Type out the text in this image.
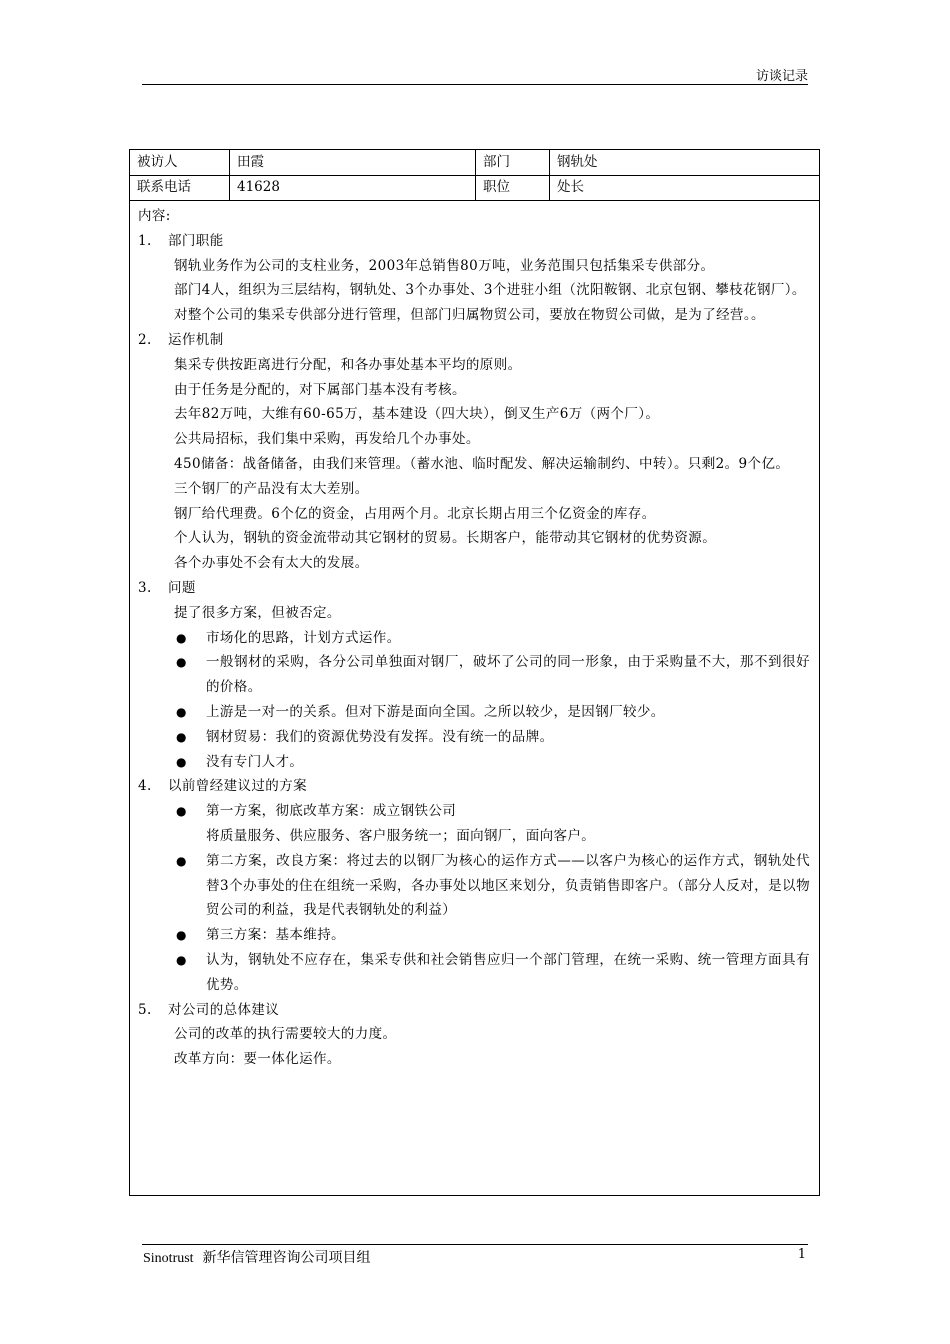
访谈记录
被访人	田霞	部门	钢轨处
联系电话	41628	职位	处长

内容:

1. 部门职能

钢轨业务作为公司的支柱业务，2003年总销售80万吨，业务范围只包括集采专供部分。

部门4人，组织为三层结构，钢轨处、3个办事处、3个进驻小组（沈阳鞍钢、北京包钢、攀枝花钢厂）。

对整个公司的集采专供部分进行管理，但部门归属物贸公司，要放在物贸公司做，是为了经营。。

2. 运作机制

集采专供按距离进行分配，和各办事处基本平均的原则。

由于任务是分配的，对下属部门基本没有考核。

去年82万吨，大维有60-65万，基本建设（四大块），倒叉生产6万（两个厂）。

公共局招标，我们集中采购，再发给几个办事处。

450储备：战备储备，由我们来管理。（蓄水池、临时配发、解决运输制约、中转）。只剩2。9个亿。

三个钢厂的产品没有太大差别。

钢厂给代理费。6个亿的资金，占用两个月。北京长期占用三个亿资金的库存。

个人认为，钢轨的资金流带动其它钢材的贸易。长期客户，能带动其它钢材的优势资源。

各个办事处不会有太大的发展。

3. 问题

提了很多方案，但被否定。

● 市场化的思路，计划方式运作。

● 一般钢材的采购，各分公司单独面对钢厂，破坏了公司的同一形象，由于采购量不大，那不到很好的价格。

● 上游是一对一的关系。但对下游是面向全国。之所以较少，是因钢厂较少。

● 钢材贸易：我们的资源优势没有发挥。没有统一的品牌。

● 没有专门人才。

4. 以前曾经建议过的方案

● 第一方案，彻底改革方案：成立钢铁公司

将质量服务、供应服务、客户服务统一；面向钢厂，面向客户。

● 第二方案，改良方案：将过去的以钢厂为核心的运作方式——以客户为核心的运作方式，钢轨处代替3个办事处的住在组统一采购，各办事处以地区来划分，负责销售即客户。（部分人反对，是以物贸公司的利益，我是代表钢轨处的利益）

● 第三方案：基本维持。

● 认为，钢轨处不应存在，集采专供和社会销售应归一个部门管理，在统一采购、统一管理方面具有优势。

5. 对公司的总体建议

公司的改革的执行需要较大的力度。

改革方向：要一体化运作。

Sinotrust 新华信管理咨询公司项目组	1
